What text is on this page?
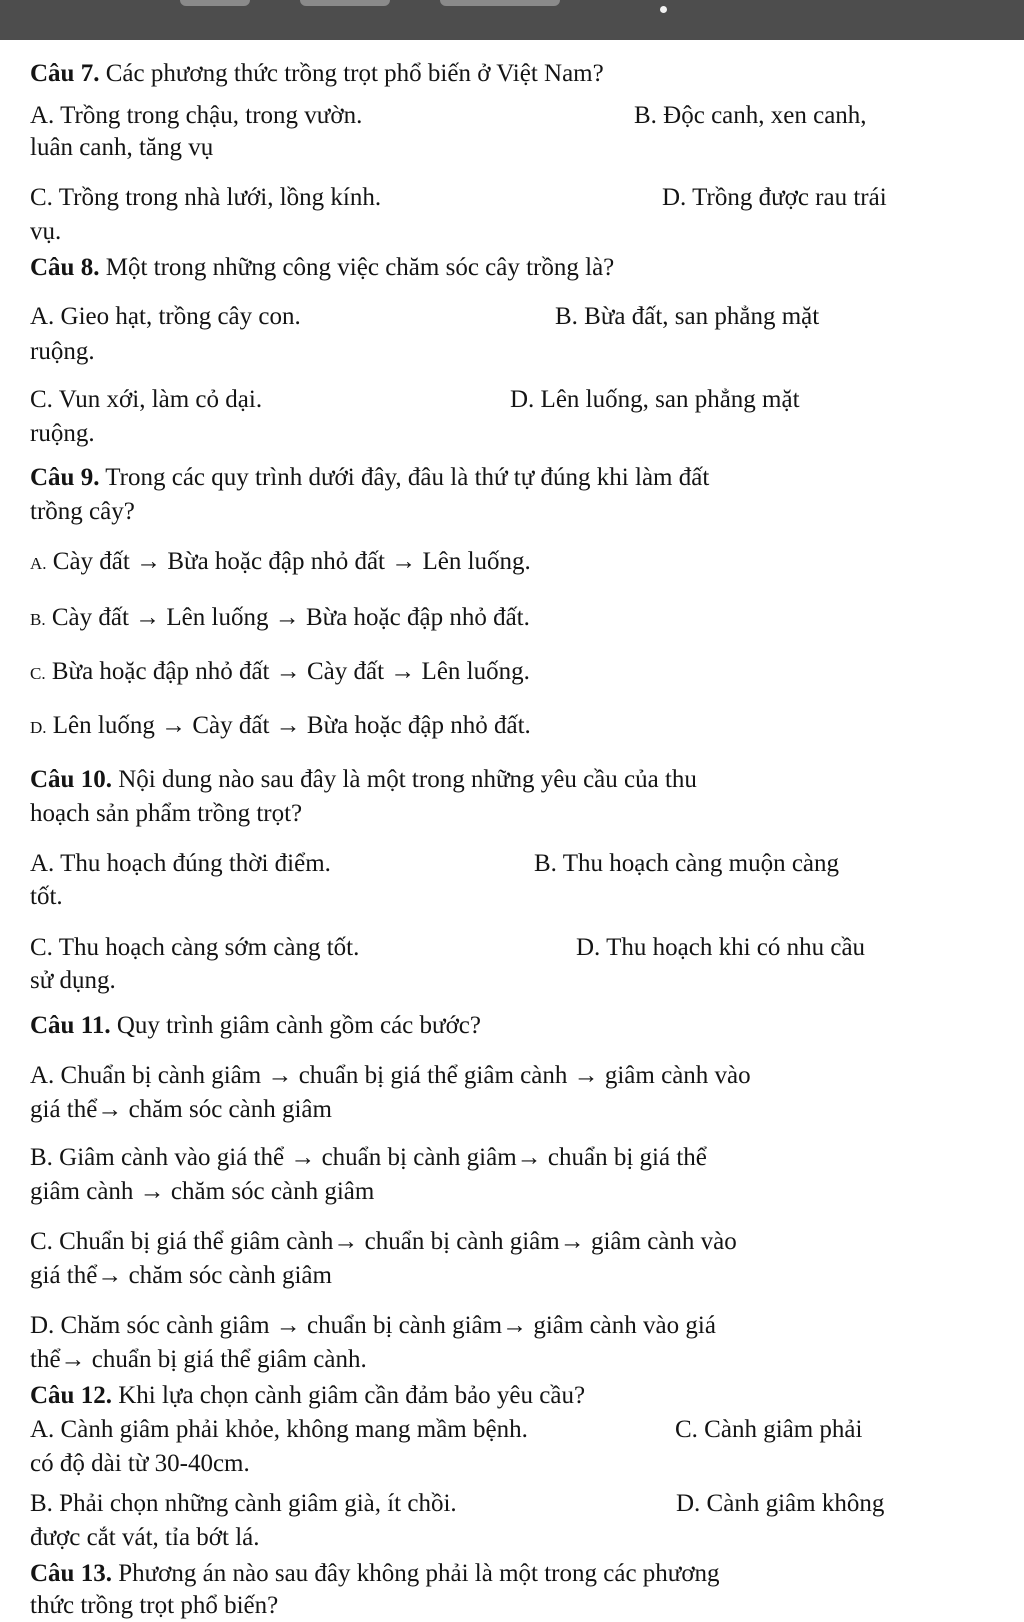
Câu 7. Các phương thức trồng trọt phổ biến ở Việt Nam?
A. Trồng trong chậu, trong vườn.	B. Độc canh, xen canh,
luân canh, tăng vụ
C. Trồng trong nhà lưới, lồng kính.	D. Trồng được rau trái
vụ.
Câu 8. Một trong những công việc chăm sóc cây trồng là?
A. Gieo hạt, trồng cây con.	B. Bừa đất, san phẳng mặt
ruộng.
C. Vun xới, làm cỏ dại.	D. Lên luống, san phẳng mặt
ruộng.
Câu 9. Trong các quy trình dưới đây, đâu là thứ tự đúng khi làm đất
trồng cây?
A. Cày đất → Bừa hoặc đập nhỏ đất → Lên luống.
B. Cày đất → Lên luống → Bừa hoặc đập nhỏ đất.
C. Bừa hoặc đập nhỏ đất → Cày đất → Lên luống.
D. Lên luống → Cày đất → Bừa hoặc đập nhỏ đất.
Câu 10. Nội dung nào sau đây là một trong những yêu cầu của thu
hoạch sản phẩm trồng trọt?
A. Thu hoạch đúng thời điểm.	B. Thu hoạch càng muộn càng
tốt.
C. Thu hoạch càng sớm càng tốt.	D. Thu hoạch khi có nhu cầu
sử dụng.
Câu 11. Quy trình giâm cành gồm các bước?
A. Chuẩn bị cành giâm → chuẩn bị giá thể giâm cành → giâm cành vào
giá thể→ chăm sóc cành giâm
B. Giâm cành vào giá thể → chuẩn bị cành giâm→ chuẩn bị giá thể
giâm cành → chăm sóc cành giâm
C. Chuẩn bị giá thể giâm cành→ chuẩn bị cành giâm→ giâm cành vào
giá thể→ chăm sóc cành giâm
D. Chăm sóc cành giâm → chuẩn bị cành giâm→ giâm cành vào giá
thể→ chuẩn bị giá thể giâm cành.
Câu 12. Khi lựa chọn cành giâm cần đảm bảo yêu cầu?
A. Cành giâm phải khỏe, không mang mầm bệnh.	C. Cành giâm phải
có độ dài từ 30-40cm.
B. Phải chọn những cành giâm già, ít chồi.	D. Cành giâm không
được cắt vát, tỉa bớt lá.
Câu 13. Phương án nào sau đây không phải là một trong các phương
thức trồng trọt phổ biến?
